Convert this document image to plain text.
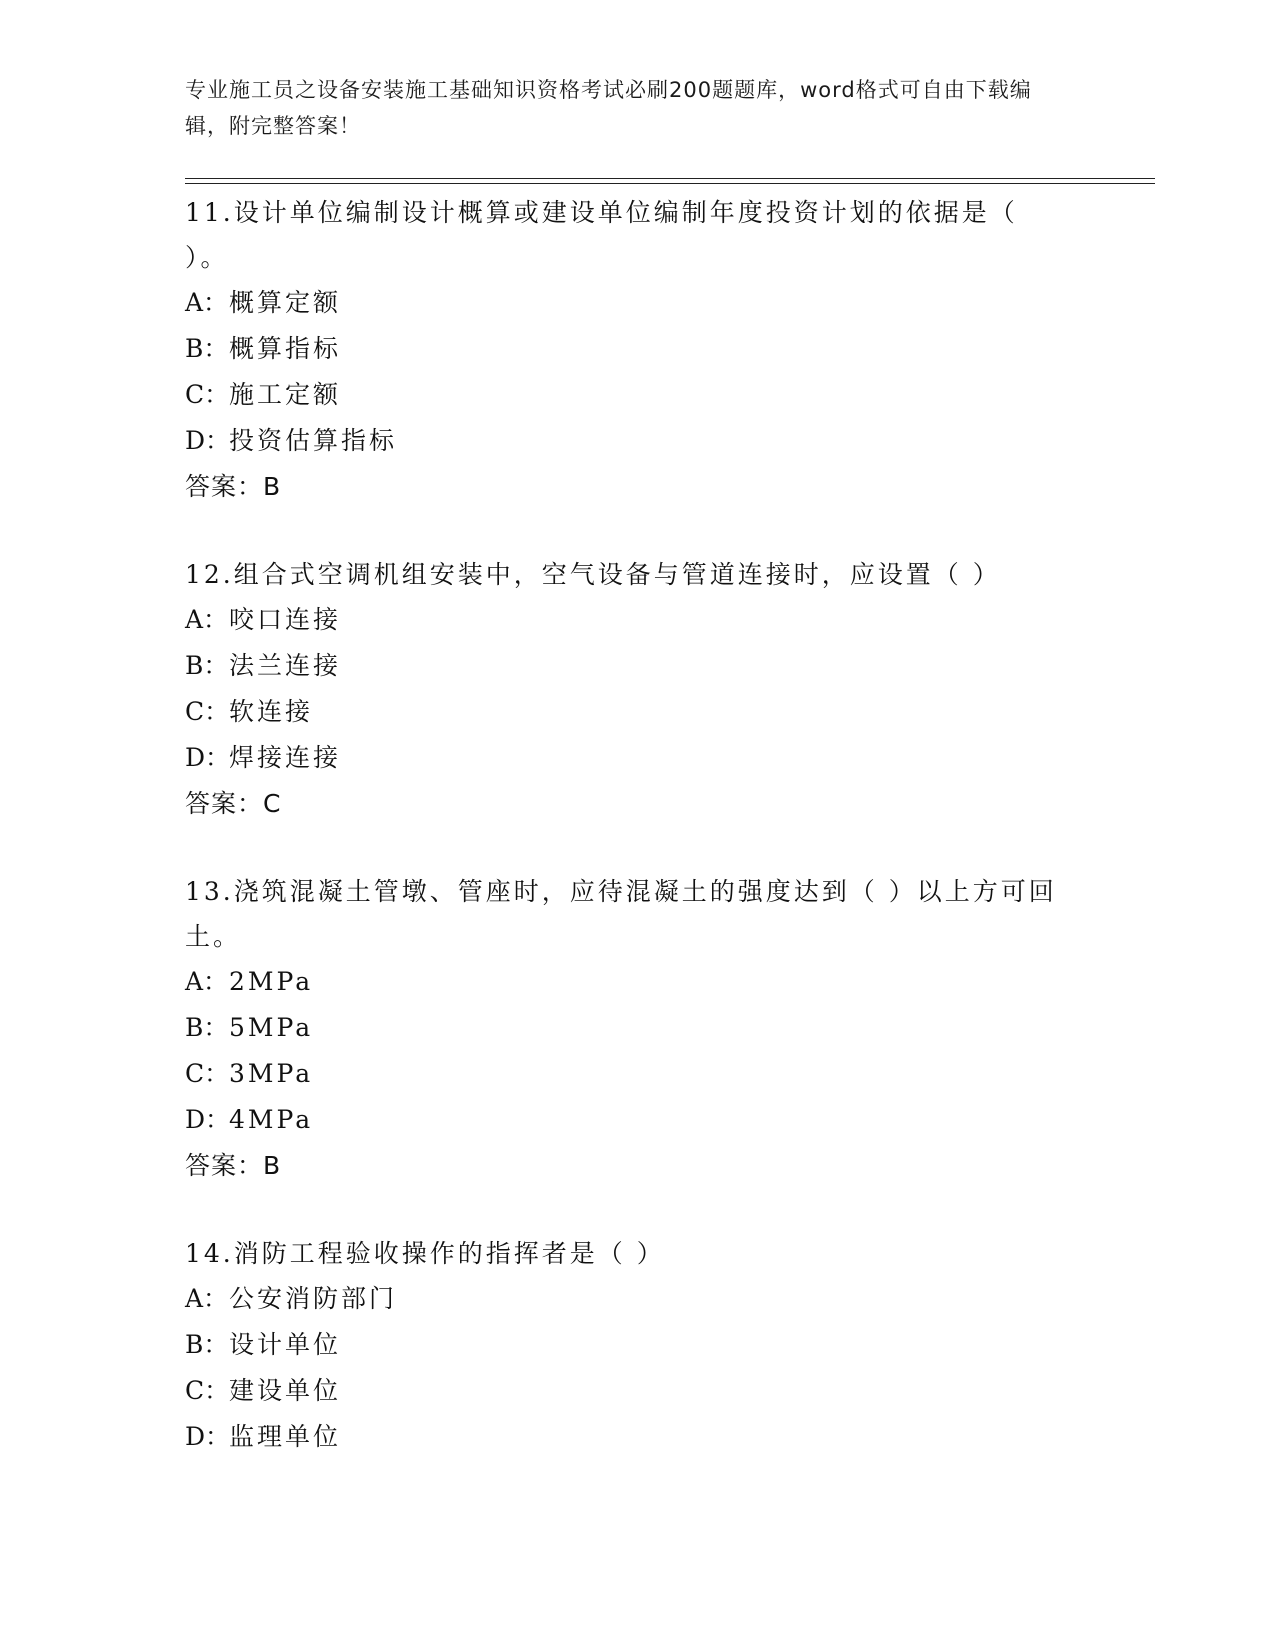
专业施工员之设备安装施工基础知识资格考试必刷200题题库，word格式可自由下载编辑，附完整答案！

11.设计单位编制设计概算或建设单位编制年度投资计划的依据是（ ）。

A：概算定额
B：概算指标
C：施工定额
D：投资估算指标
答案：B

12.组合式空调机组安装中，空气设备与管道连接时，应设置（ ）

A：咬口连接
B：法兰连接
C：软连接
D：焊接连接
答案：C

13.浇筑混凝土管墩、管座时，应待混凝土的强度达到（ ）以上方可回土。

A：2MPa
B：5MPa
C：3MPa
D：4MPa
答案：B

14.消防工程验收操作的指挥者是（ ）

A：公安消防部门
B：设计单位
C：建设单位
D：监理单位
